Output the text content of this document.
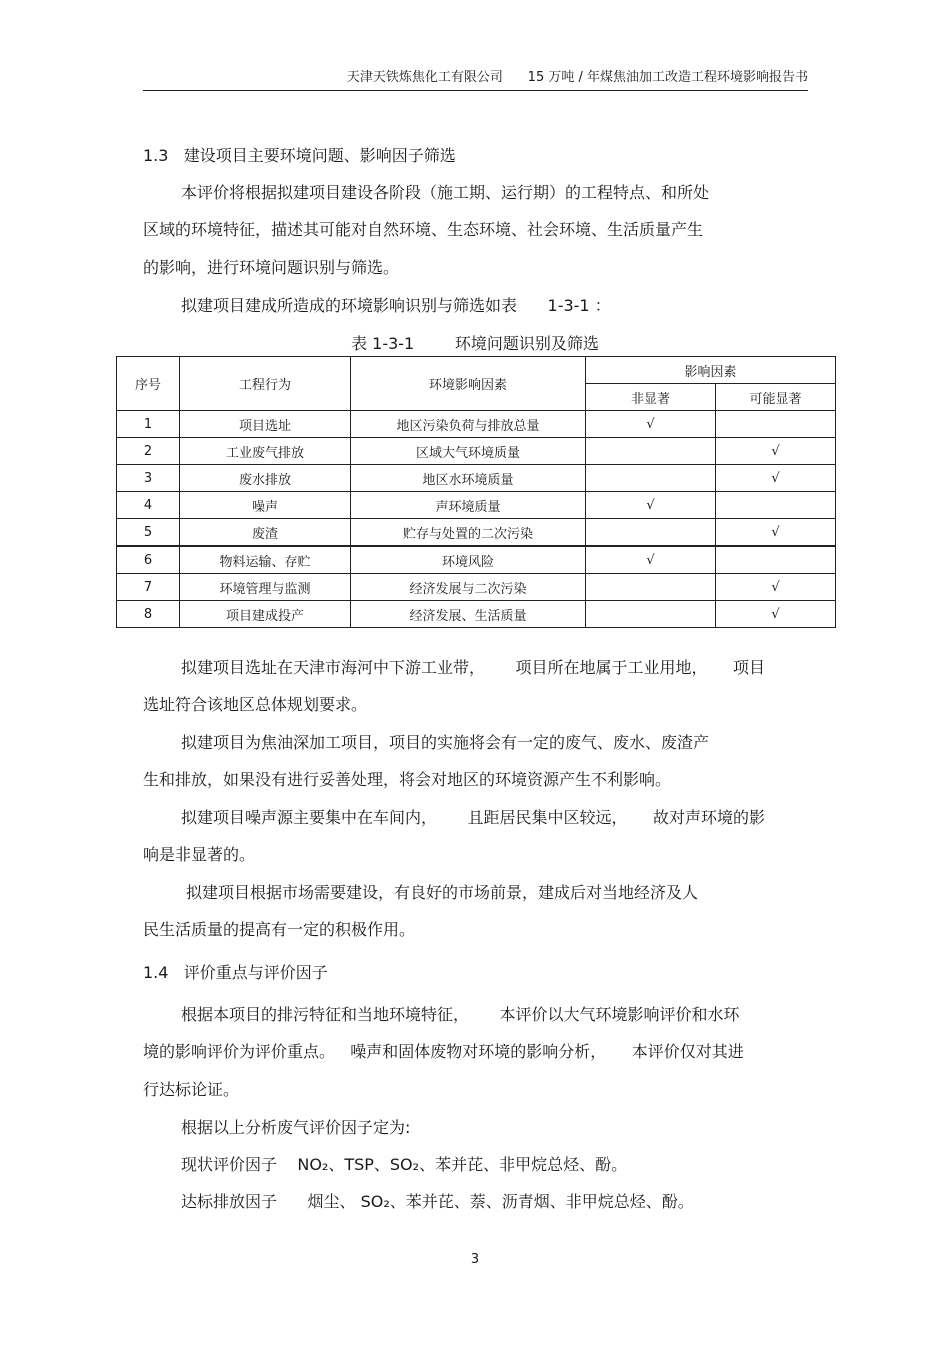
天津天铁炼焦化工有限公司      15 万吨 / 年煤焦油加工改造工程环境影响报告书
1.3   建设项目主要环境问题、影响因子筛选
本评价将根据拟建项目建设各阶段（施工期、运行期）的工程特点、和所处
区域的环境特征，描述其可能对自然环境、生态环境、社会环境、生活质量产生
的影响，进行环境问题识别与筛选。
拟建项目建成所造成的环境影响识别与筛选如表      1-3-1 ：
表 1-3-1        环境问题识别及筛选
序号	工程行为	环境影响因素	影响因素	
			非显著	可能显著
1	项目选址	地区污染负荷与排放总量	√	
2	工业废气排放	区域大气环境质量		√
3	废水排放	地区水环境质量		√
4	噪声	声环境质量	√	
5	废渣	贮存与处置的二次污染		√
6	物料运输、存贮	环境风险	√	
7	环境管理与监测	经济发展与二次污染		√
8	项目建成投产	经济发展、生活质量		√
拟建项目选址在天津市海河中下游工业带，      项目所在地属于工业用地，     项目
选址符合该地区总体规划要求。
拟建项目为焦油深加工项目，项目的实施将会有一定的废气、废水、废渣产
生和排放，如果没有进行妥善处理，将会对地区的环境资源产生不利影响。
拟建项目噪声源主要集中在车间内，      且距居民集中区较远，     故对声环境的影
响是非显著的。
拟建项目根据市场需要建设，有良好的市场前景，建成后对当地经济及人
民生活质量的提高有一定的积极作用。
1.4   评价重点与评价因子
根据本项目的排污特征和当地环境特征，      本评价以大气环境影响评价和水环
境的影响评价为评价重点。   噪声和固体废物对环境的影响分析，     本评价仅对其进
行达标论证。
根据以上分析废气评价因子定为:
现状评价因子    NO₂、TSP、SO₂、苯并芘、非甲烷总烃、酚。
达标排放因子      烟尘、 SO₂、苯并芘、萘、沥青烟、非甲烷总烃、酚。
3
